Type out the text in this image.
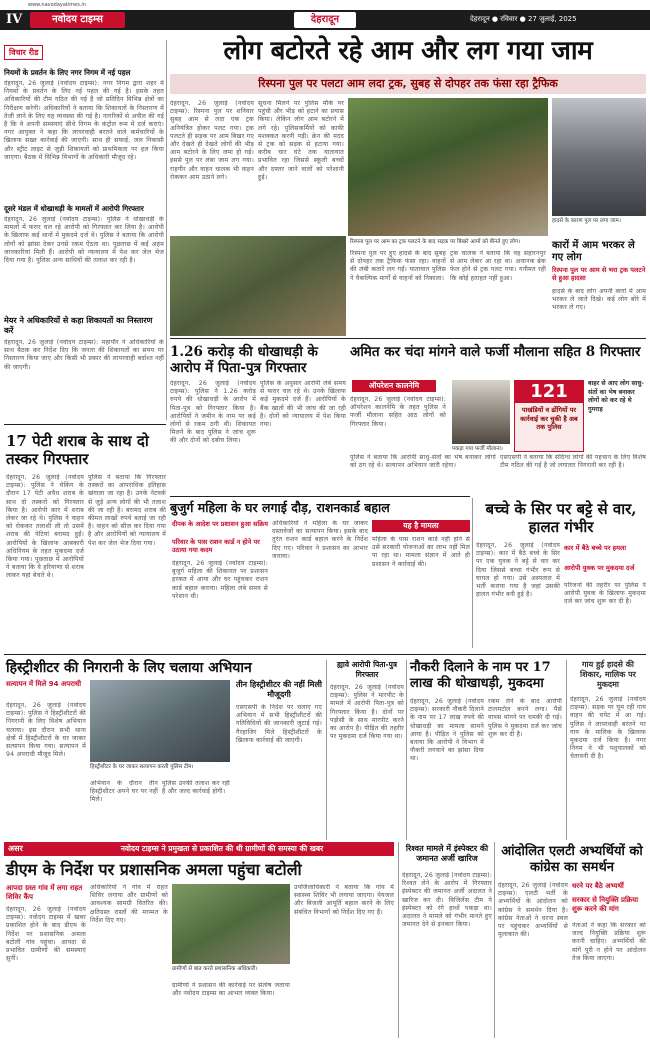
www.navodayatimes.in
IV	नवोदय टाइम्स	देहरादून	देहरादून ● रविवार ● 27 जुलाई, 2025
विचार रीड
नियमों के प्रवर्तन के लिए नगर निगम में नई पहल
देहरादून, 26 जुलाई (नवोदय टाइम्स): नगर निगम द्वारा शहर में नियमों के प्रवर्तन के लिए नई पहल की गई है। इसके तहत अधिकारियों की टीम गठित की गई है जो प्रतिदिन विभिन्न क्षेत्रों का निरीक्षण करेगी। अधिकारियों ने बताया कि शिकायतों के निस्तारण में तेजी लाने के लिए यह व्यवस्था की गई है। नागरिकों से अपील की गई है कि वे अपनी समस्याएं सीधे निगम के कंट्रोल रूम में दर्ज कराएं। नगर आयुक्त ने कहा कि लापरवाही बरतने वाले कर्मचारियों के खिलाफ सख्त कार्रवाई की जाएगी। साथ ही सफाई, जल निकासी और स्ट्रीट लाइट से जुड़ी शिकायतों को प्राथमिकता पर हल किया जाएगा। बैठक में विभिन्न विभागों के अधिकारी मौजूद रहे।
दूसरे मंडल में धोखाधड़ी के मामलों में आरोपी गिरफ्तार
देहरादून, 26 जुलाई (नवोदय टाइम्स): पुलिस ने धोखाधड़ी के मामलों में फरार चल रहे आरोपी को गिरफ्तार कर लिया है। आरोपी के खिलाफ कई थानों में मुकदमे दर्ज थे। पुलिस ने बताया कि आरोपी लोगों को झांसा देकर उनसे रकम ऐंठता था। पूछताछ में कई अहम जानकारियां मिली हैं। आरोपी को न्यायालय में पेश कर जेल भेज दिया गया है। पुलिस अन्य साथियों की तलाश कर रही है।
मेयर ने अधिकारियों से कहा शिकायतों का निस्तारण करें
देहरादून, 26 जुलाई (नवोदय टाइम्स): महापौर ने अधिकारियों के साथ बैठक कर निर्देश दिए कि जनता की शिकायतों का समय पर निस्तारण किया जाए और किसी भी प्रकार की लापरवाही बर्दाश्त नहीं की जाएगी।
लोग बटोरते रहे आम और लग गया जाम
रिस्पना पुल पर पलटा आम लदा ट्रक, सुबह से दोपहर तक फंसा रहा ट्रैफिक
देहरादून, 26 जुलाई (नवोदय टाइम्स): रिस्पना पुल पर शनिवार सुबह आम से लदा एक ट्रक अनियंत्रित होकर पलट गया। ट्रक पलटते ही सड़क पर आम बिखर गए और देखते ही देखते लोगों की भीड़ आम बटोरने के लिए जमा हो गई। इससे पुल पर लंबा जाम लग गया। राहगीर और वाहन चालक भी वाहन रोककर आम उठाने लगे।
सूचना मिलने पर पुलिस मौके पर पहुंची और भीड़ को हटाने का प्रयास किया। लेकिन लोग आम बटोरने में लगे रहे। पुलिसकर्मियों को काफी मशक्कत करनी पड़ी। क्रेन की मदद से ट्रक को सड़क से हटाया गया। करीब चार घंटे तक यातायात प्रभावित रहा जिससे स्कूली बच्चों और दफ्तर जाने वालों को परेशानी हुई।
हादसे के कारण पुल पर लगा जाम।
रिस्पना पुल पर आम का ट्रक पलटने के बाद सड़क पर बिखरे आमों को बीनते हुए लोग।
रिस्पना पुल पर हुए हादसे के बाद सुबह से दोपहर तक ट्रैफिक फंसा रहा। वाहनों की लंबी कतारें लग गईं। यातायात पुलिस ने वैकल्पिक मार्गों से वाहनों को निकाला।
ट्रक चालक ने बताया कि वह सहारनपुर से आम लेकर आ रहा था। अचानक ब्रेक फेल होने से ट्रक पलट गया। गनीमत रही कि कोई हताहत नहीं हुआ।
कारों में आम भरकर ले गए लोग
रिस्पना पुल पर आम से भरा ट्रक पलटने से हुआ हादसा
हादसे के बाद लोग अपनी कारों में आम भरकर ले जाते दिखे। कई लोग बोरे में भरकर ले गए।
1.26 करोड़ की धोखाधड़ी के आरोप में पिता-पुत्र गिरफ्तार
देहरादून, 26 जुलाई (नवोदय टाइम्स): पुलिस ने 1.26 करोड़ रुपये की धोखाधड़ी के आरोप में पिता-पुत्र को गिरफ्तार किया है। आरोपियों ने जमीन के नाम पर कई लोगों से रकम ठगी थी। शिकायत मिलने के बाद पुलिस ने जांच शुरू की और दोनों को दबोच लिया।
पुलिस के अनुसार आरोपी लंबे समय से फरार चल रहे थे। उनके खिलाफ कई मुकदमे दर्ज हैं। आरोपियों के बैंक खातों की भी जांच की जा रही है। दोनों को न्यायालय में पेश किया गया।
अमित कर चंदा मांगने वाले फर्जी मौलाना सहित 8 गिरफ्तार
ऑपरेशन कालनेमि
देहरादून, 26 जुलाई (नवोदय टाइम्स): ऑपरेशन कालनेमि के तहत पुलिस ने फर्जी मौलाना सहित आठ लोगों को गिरफ्तार किया।
पकड़ा गया फर्जी मौलाना।
121
पाखंडियों व ढोंगियों पर कार्रवाई कर चुकी है अब तक पुलिस
बाहर से आए लोग साधु-संतों का भेष बनाकर लोगों को कर रहे थे गुमराह
पुलिस ने बताया कि आरोपी साधु-संतों का भेष बनाकर लोगों को ठग रहे थे। सत्यापन अभियान जारी रहेगा।
एसएसपी ने बताया कि संदिग्ध लोगों की पहचान के लिए विशेष टीम गठित की गई है जो लगातार निगरानी कर रही है।
17 पेटी शराब के साथ दो तस्कर गिरफ्तार
देहरादून, 26 जुलाई (नवोदय टाइम्स): पुलिस ने चेकिंग के दौरान 17 पेटी अवैध शराब के साथ दो तस्करों को गिरफ्तार किया है। आरोपी कार में शराब लेकर जा रहे थे। पुलिस ने वाहन को रोककर तलाशी ली तो उसमें शराब की पेटियां बरामद हुईं। आरोपियों के खिलाफ आबकारी अधिनियम के तहत मुकदमा दर्ज किया गया। पूछताछ में आरोपियों ने बताया कि वे हरियाणा से शराब लाकर यहां बेचते थे।
पुलिस ने बताया कि गिरफ्तार तस्करों का आपराधिक इतिहास खंगाला जा रहा है। उनके नेटवर्क से जुड़े अन्य लोगों की भी तलाश की जा रही है। बरामद शराब की कीमत लाखों रुपये बताई जा रही है। वाहन को सीज कर दिया गया है और आरोपियों को न्यायालय में पेश कर जेल भेज दिया गया।
बुजुर्ग महिला के घर लगाई दौड़, राशनकार्ड बहाल
दीपक के आदेश पर प्रशासन हुआ सक्रिय
परिवार के पास राशन कार्ड न होने पर उठाया गया कदम
देहरादून, 26 जुलाई (नवोदय टाइम्स): बुजुर्ग महिला की शिकायत पर प्रशासन हरकत में आया और घर पहुंचकर राशन कार्ड बहाल कराया। महिला लंबे समय से परेशान थी।
अधिकारियों ने महिला के घर जाकर दस्तावेजों का सत्यापन किया। इसके बाद तुरंत राशन कार्ड बहाल करने के निर्देश दिए गए। परिवार ने प्रशासन का आभार जताया।
यह है मामला
महिला के पास राशन कार्ड नहीं होने से उसे सरकारी योजनाओं का लाभ नहीं मिल पा रहा था। मामला संज्ञान में आते ही प्रशासन ने कार्रवाई की।
बच्चे के सिर पर बट्टे से वार, हालत गंभीर
देहरादून, 26 जुलाई (नवोदय टाइम्स): कार में बैठे बच्चे के सिर पर एक युवक ने बट्टे से वार कर दिया जिससे बच्चा गंभीर रूप से घायल हो गया। उसे अस्पताल में भर्ती कराया गया है जहां उसकी हालत गंभीर बनी हुई है।
कार में बैठे बच्चे पर हमला
आरोपी युवक पर मुकदमा दर्ज
परिजनों की तहरीर पर पुलिस ने आरोपी युवक के खिलाफ मुकदमा दर्ज कर जांच शुरू कर दी है।
हिस्ट्रीशीटर की निगरानी के लिए चलाया अभियान
सत्यापन में मिले 94 अपराधी
देहरादून, 26 जुलाई (नवोदय टाइम्स): पुलिस ने हिस्ट्रीशीटरों की निगरानी के लिए विशेष अभियान चलाया। इस दौरान सभी थाना क्षेत्रों में हिस्ट्रीशीटरों के घर जाकर सत्यापन किया गया। सत्यापन में 94 अपराधी मौजूद मिले।
हिस्ट्रीशीटर के घर जाकर सत्यापन करती पुलिस टीम।
अभियान के दौरान तीन हिस्ट्रीशीटर अपने घर पर नहीं मिले।
पुलिस उनकी तलाश कर रही है और जल्द कार्रवाई होगी।
तीन हिस्ट्रीशीटर की नहीं मिली मौजूदगी
एसएसपी के निर्देश पर चलाए गए अभियान में सभी हिस्ट्रीशीटरों की गतिविधियों की जानकारी जुटाई गई। गैरहाजिर मिले हिस्ट्रीशीटरों के खिलाफ कार्रवाई की जाएगी।
ह्यावे आरोपी पिता-पुत्र गिरफ्तार
देहरादून, 26 जुलाई (नवोदय टाइम्स): पुलिस ने मारपीट के मामले में आरोपी पिता-पुत्र को गिरफ्तार किया है। दोनों पर पड़ोसी के साथ मारपीट करने का आरोप है। पीड़ित की तहरीर पर मुकदमा दर्ज किया गया था।
नौकरी दिलाने के नाम पर 17 लाख की धोखाधड़ी, मुकदमा
देहरादून, 26 जुलाई (नवोदय टाइम्स): सरकारी नौकरी दिलाने के नाम पर 17 लाख रुपये की धोखाधड़ी का मामला सामने आया है। पीड़ित ने पुलिस को बताया कि आरोपी ने विभाग में नौकरी लगवाने का झांसा दिया था।
रकम लेने के बाद आरोपी टालमटोल करने लगा। पैसे वापस मांगने पर धमकी दी गई। पुलिस ने मुकदमा दर्ज कर जांच शुरू कर दी है।
गाय हुई हादसे की शिकार, मालिक पर मुकदमा
देहरादून, 26 जुलाई (नवोदय टाइम्स): सड़क पर घूम रही गाय वाहन की चपेट में आ गई। पुलिस ने लापरवाही बरतने पर गाय के मालिक के खिलाफ मुकदमा दर्ज किया है। नगर निगम ने भी पशुपालकों को चेतावनी दी है।
असर	नवोदय टाइम्स ने प्रमुखता से प्रकाशित की थी ग्रामीणों की समस्या की खबर
डीएम के निर्देश पर प्रशासनिक अमला पहुंचा बटोली
आपदा ग्रस्त गांव में लगा राहत शिविर कैंप
देहरादून, 26 जुलाई (नवोदय टाइम्स): नवोदय टाइम्स में खबर प्रकाशित होने के बाद डीएम के निर्देश पर प्रशासनिक अमला बटोली गांव पहुंचा। आपदा से प्रभावित ग्रामीणों की समस्याएं सुनीं।
अधिकारियों ने गांव में राहत शिविर लगाया और ग्रामीणों को आवश्यक सामग्री वितरित की। क्षतिग्रस्त रास्तों की मरम्मत के निर्देश दिए गए।
ग्रामीणों से बात करते प्रशासनिक अधिकारी।
ग्रामीणों ने प्रशासन की कार्रवाई पर संतोष जताया और नवोदय टाइम्स का आभार व्यक्त किया।
उपजिलाधिकारी ने बताया कि गांव में स्वास्थ्य शिविर भी लगाया जाएगा। पेयजल और बिजली आपूर्ति बहाल करने के लिए संबंधित विभागों को निर्देश दिए गए हैं।
रिश्वत मामले में इंस्पेक्टर की जमानत अर्जी खारिज
देहरादून, 26 जुलाई (नवोदय टाइम्स): रिश्वत लेने के आरोप में गिरफ्तार इंस्पेक्टर की जमानत अर्जी अदालत ने खारिज कर दी। विजिलेंस टीम ने इंस्पेक्टर को रंगे हाथों पकड़ा था। अदालत ने मामले को गंभीर मानते हुए जमानत देने से इनकार किया।
आंदोलित एलटी अभ्यर्थियों को कांग्रेस का समर्थन
देहरादून, 26 जुलाई (नवोदय टाइम्स): एलटी भर्ती के अभ्यर्थियों के आंदोलन को कांग्रेस ने समर्थन दिया है। कांग्रेस नेताओं ने धरना स्थल पर पहुंचकर अभ्यर्थियों से मुलाकात की।
धरने पर बैठे अभ्यर्थी
सरकार से नियुक्ति प्रक्रिया शुरू करने की मांग
नेताओं ने कहा कि सरकार को जल्द नियुक्ति प्रक्रिया शुरू करनी चाहिए। अभ्यर्थियों की मांगें पूरी न होने पर आंदोलन तेज किया जाएगा।
